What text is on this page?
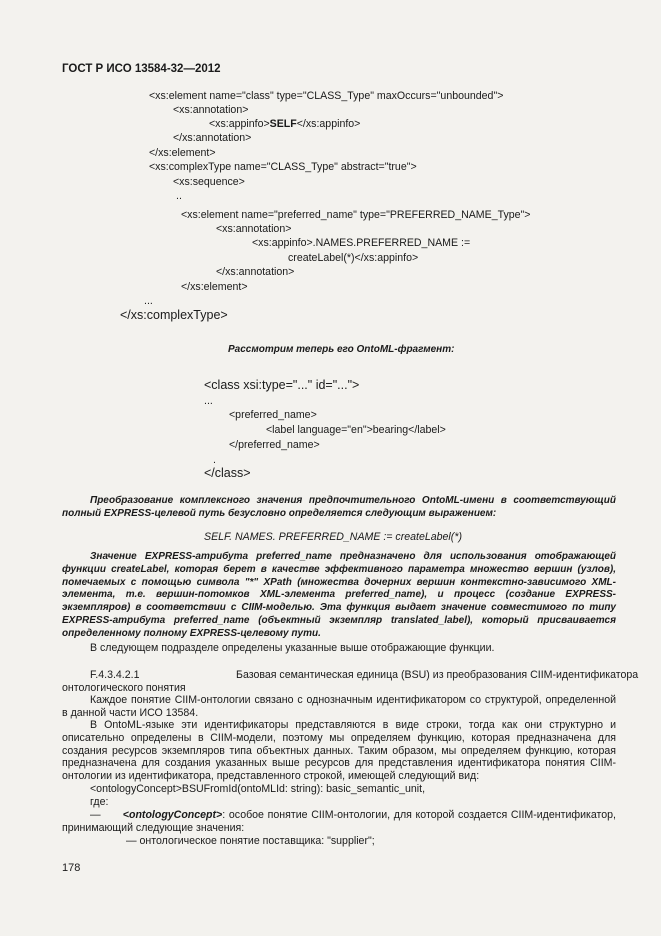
ГОСТ Р ИСО 13584-32—2012
<xs:element name="class" type="CLASS_Type" maxOccurs="unbounded">
<xs:annotation>
<xs:appinfo>SELF</xs:appinfo>
</xs:annotation>
</xs:element>
<xs:complexType name="CLASS_Type" abstract="true">
<xs:sequence>
..
<xs:element name="preferred_name" type="PREFERRED_NAME_Type">
<xs:annotation>
<xs:appinfo>.NAMES.PREFERRED_NAME :=
createLabel(*)</xs:appinfo>
</xs:annotation>
</xs:element>
...
</xs:complexType>
Рассмотрим теперь его OntoML-фрагмент:
<class xsi:type="..." id="...">
...
<preferred_name>
<label language="en">bearing</label>
</preferred_name>
.
</class>
Преобразование комплексного значения предпочтительного OntoML-имени в соответствующий полный EXPRESS-целевой путь безусловно определяется следующим выражением:
SELF. NAMES. PREFERRED_NAME := createLabel(*)
Значение EXPRESS-атрибута preferred_name предназначено для использования отображающей функции createLabel, которая берет в качестве эффективного параметра множество вершин (узлов), помечаемых с помощью символа "*" XPath (множества дочерних вершин контекстно-зависимого XML-элемента, т.е. вершин-потомков XML-элемента preferred_name), и процесс (создание EXPRESS-экземпляров) в соответствии с CIIM-моделью. Эта функция выдает значение совместимого по типу EXPRESS-атрибута preferred_name (объектный экземпляр translated_label), который присваивается определенному полному EXPRESS-целевому пути.
В следующем подразделе определены указанные выше отображающие функции.
F.4.3.4.2.1	Базовая семантическая единица (BSU) из преобразования CIIM-идентификатора
онтологического понятия
Каждое понятие CIIM-онтологии связано с однозначным идентификатором со структурой, определенной в данной части ИСО 13584.
В OntoML-языке эти идентификаторы представляются в виде строки, тогда как они структурно и описательно определены в CIIM-модели, поэтому мы определяем функцию, которая предназначена для создания ресурсов экземпляров типа объектных данных. Таким образом, мы определяем функцию, которая предназначена для создания указанных выше ресурсов для представления идентификатора понятия CIIM-онтологии из идентификатора, представленного строкой, имеющей следующий вид:
<ontologyConcept>BSUFromId(ontoMLId: string): basic_semantic_unit,
где:
— <ontologyConcept>: особое понятие CIIM-онтологии, для которой создается CIIM-идентификатор, принимающий следующие значения:
— онтологическое понятие поставщика: "supplier";
178
